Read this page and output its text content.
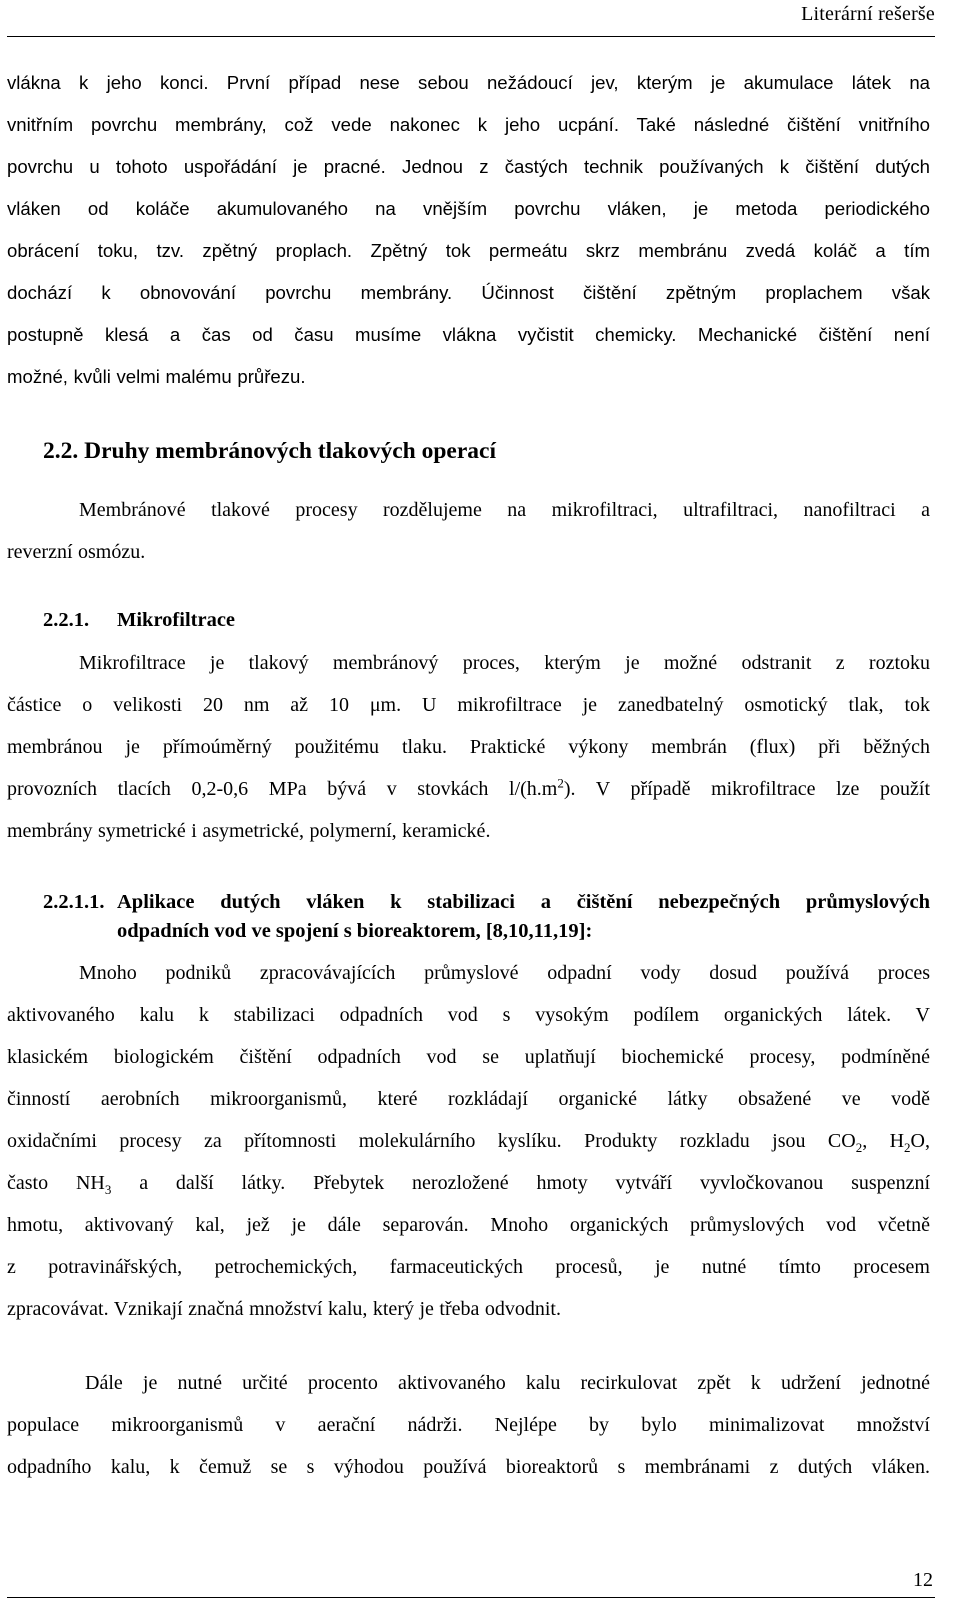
Literární rešerše
vlákna k jeho konci. První případ nese sebou nežádoucí jev, kterým je akumulace látek na
vnitřním povrchu membrány, což vede nakonec k jeho ucpání. Také následné čištění vnitřního
povrchu u tohoto uspořádání je pracné. Jednou z častých technik používaných k čištění dutých
vláken od koláče akumulovaného na vnějším povrchu vláken, je metoda periodického
obrácení toku, tzv. zpětný proplach. Zpětný tok permeátu skrz membránu zvedá koláč a tím
dochází k obnovování povrchu membrány. Účinnost čištění zpětným proplachem však
postupně klesá a čas od času musíme vlákna vyčistit chemicky. Mechanické čištění není
možné, kvůli velmi malému průřezu.
2.2. Druhy membránových tlakových operací
Membránové tlakové procesy rozdělujeme na mikrofiltraci, ultrafiltraci, nanofiltraci a
reverzní osmózu.
2.2.1. Mikrofiltrace
Mikrofiltrace je tlakový membránový proces, kterým je možné odstranit z roztoku
částice o velikosti 20 nm až 10 μm. U mikrofiltrace je zanedbatelný osmotický tlak, tok
membránou je přímoúměrný použitému tlaku. Praktické výkony membrán (flux) při běžných
provozních tlacích 0,2-0,6 MPa bývá v stovkách $l/(h.m^2)$. V případě mikrofiltrace lze použít
membrány symetrické i asymetrické, polymerní, keramické.
2.2.1.1. Aplikace dutých vláken k stabilizaci a čištění nebezpečných průmyslových
odpadních vod ve spojení s bioreaktorem, [8,10,11,19]:
Mnoho podniků zpracovávajících průmyslové odpadní vody dosud používá proces
aktivovaného kalu k stabilizaci odpadních vod s vysokým podílem organických látek. V
klasickém biologickém čištění odpadních vod se uplatňují biochemické procesy, podmíněné
činností aerobních mikroorganismů, které rozkládají organické látky obsažené ve vodě
oxidačními procesy za přítomnosti molekulárního kyslíku. Produkty rozkladu jsou $CO_2$, $H_2O$,
často $NH_3$ a další látky. Přebytek nerozložené hmoty vytváří vyvločkovanou suspenzní
hmotu, aktivovaný kal, jež je dále separován. Mnoho organických průmyslových vod včetně
z potravinářských, petrochemických, farmaceutických procesů, je nutné tímto procesem
zpracovávat. Vznikají značná množství kalu, který je třeba odvodnit.
Dále je nutné určité procento aktivovaného kalu recirkulovat zpět k udržení jednotné
populace mikroorganismů v aerační nádrži. Nejlépe by bylo minimalizovat množství
odpadního kalu, k čemuž se s výhodou používá bioreaktorů s membránami z dutých vláken.
12
